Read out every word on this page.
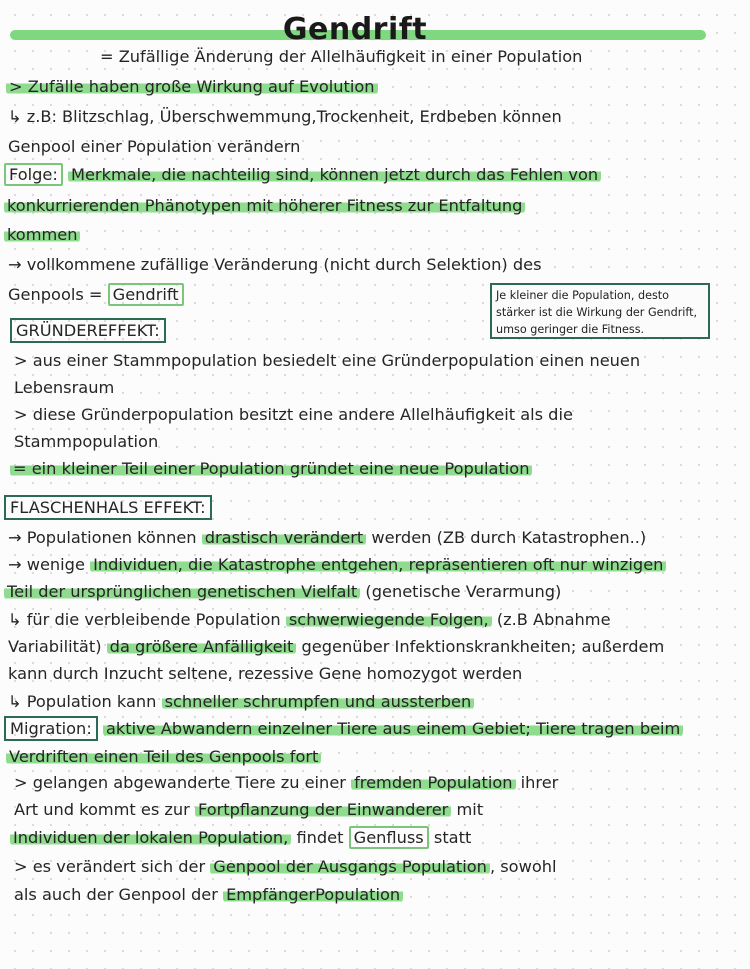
Gendrift
= Zufällige Änderung der Allelhäufigkeit in einer Population
> Zufälle haben große Wirkung auf Evolution
↳ z.B: Blitzschlag, Überschwemmung,Trockenheit, Erdbeben können
Genpool einer Population verändern
Folge: Merkmale, die nachteilig sind, können jetzt durch das Fehlen von
konkurrierenden Phänotypen mit höherer Fitness zur Entfaltung
kommen
→ vollkommene zufällige Veränderung (nicht durch Selektion) des
Genpools = Gendrift	Je kleiner die Population, desto
stärker ist die Wirkung der Gendrift,
umso geringer die Fitness.
GRÜNDEREFFEKT:
> aus einer Stammpopulation besiedelt eine Gründerpopulation einen neuen
Lebensraum
> diese Gründerpopulation besitzt eine andere Allelhäufigkeit als die
Stammpopulation
= ein kleiner Teil einer Population gründet eine neue Population
FLASCHENHALS EFFEKT:
→ Populationen können drastisch verändert werden (ZB durch Katastrophen..)
→ wenige Individuen, die Katastrophe entgehen, repräsentieren oft nur winzigen
Teil der ursprünglichen genetischen Vielfalt (genetische Verarmung)
↳ für die verbleibende Population schwerwiegende Folgen, (z.B Abnahme
Variabilität) da größere Anfälligkeit gegenüber Infektionskrankheiten; außerdem
kann durch Inzucht seltene, rezessive Gene homozygot werden
↳ Population kann schneller schrumpfen und aussterben
Migration: aktive Abwandern einzelner Tiere aus einem Gebiet; Tiere tragen beim
Verdriften einen Teil des Genpools fort
> gelangen abgewanderte Tiere zu einer fremden Population ihrer
Art und kommt es zur Fortpflanzung der Einwanderer mit
Individuen der lokalen Population, findet Genfluss statt
> es verändert sich der Genpool der Ausgangs Population , sowohl
als auch der Genpool der EmpfängerPopulation
